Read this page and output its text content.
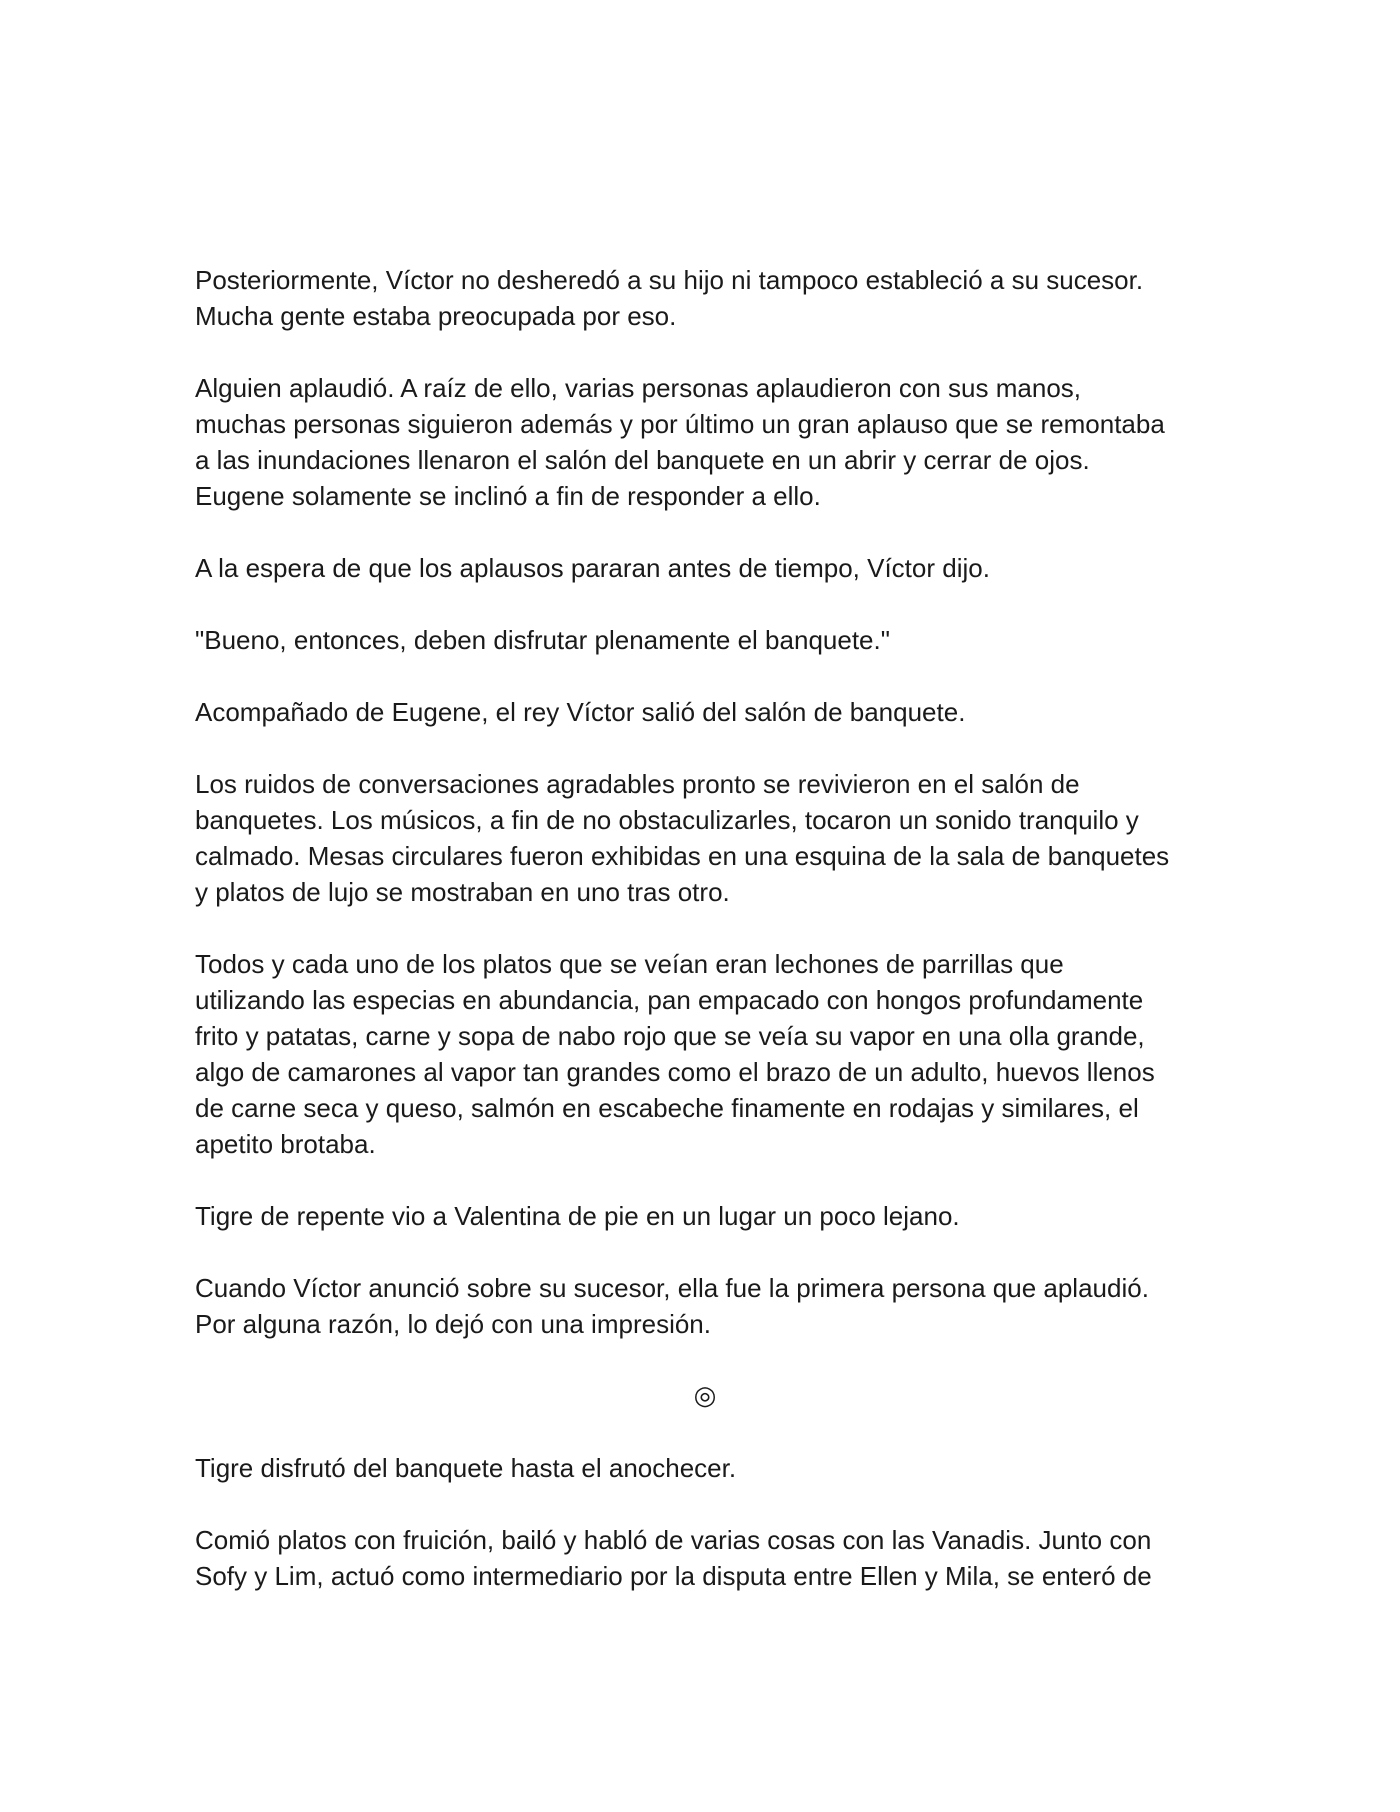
Posteriormente, Víctor no desheredó a su hijo ni tampoco estableció a su sucesor.
Mucha gente estaba preocupada por eso.

Alguien aplaudió. A raíz de ello, varias personas aplaudieron con sus manos,
muchas personas siguieron además y por último un gran aplauso que se remontaba
a las inundaciones llenaron el salón del banquete en un abrir y cerrar de ojos.
Eugene solamente se inclinó a fin de responder a ello.

A la espera de que los aplausos pararan antes de tiempo, Víctor dijo.

"Bueno, entonces, deben disfrutar plenamente el banquete."

Acompañado de Eugene, el rey Víctor salió del salón de banquete.

Los ruidos de conversaciones agradables pronto se revivieron en el salón de
banquetes. Los músicos, a fin de no obstaculizarles, tocaron un sonido tranquilo y
calmado. Mesas circulares fueron exhibidas en una esquina de la sala de banquetes
y platos de lujo se mostraban en uno tras otro.

Todos y cada uno de los platos que se veían eran lechones de parrillas que
utilizando las especias en abundancia, pan empacado con hongos profundamente
frito y patatas, carne y sopa de nabo rojo que se veía su vapor en una olla grande,
algo de camarones al vapor tan grandes como el brazo de un adulto, huevos llenos
de carne seca y queso, salmón en escabeche finamente en rodajas y similares, el
apetito brotaba.

Tigre de repente vio a Valentina de pie en un lugar un poco lejano.

Cuando Víctor anunció sobre su sucesor, ella fue la primera persona que aplaudió.
Por alguna razón, lo dejó con una impresión.

◎

Tigre disfrutó del banquete hasta el anochecer.

Comió platos con fruición, bailó y habló de varias cosas con las Vanadis. Junto con
Sofy y Lim, actuó como intermediario por la disputa entre Ellen y Mila, se enteró de
